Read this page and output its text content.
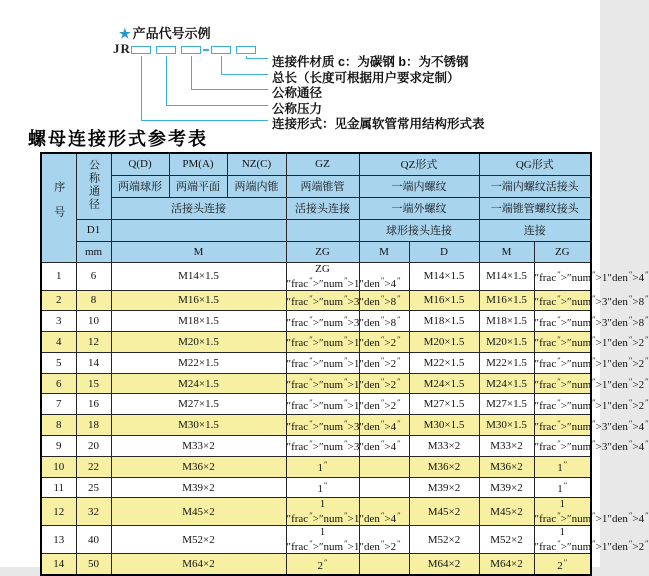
★ 产品代号示例
JR
连接件材质 c：为碳钢 b：为不锈钢
总长（长度可根据用户要求定制）
公称通径
公称压力
连接形式：见金属软管常用结构形式表
螺母连接形式参考表
序号	公称通径	Q(D)	PM(A)	NZ(C)	GZ	QZ形式		QG形式	
		两端球形	两端平面	两端内锥	两端锥管	一端内螺纹		一端内螺纹活接头	
		活接头连接			活接头连接	一端外螺纹		一端锥管螺纹接头	
	D1					球形接头连接		连接	
	mm	M			ZG	M	D	M	ZG
1	6	M14×1.5			ZG ″frac″>″num″>1″ ″ ″		M14×1.5	M14×1.5	″frac″>″num″>1″den″>4″
2	8	M16×1.5			″frac″>″num″>3″ ″ ″		M16×1.5	M16×1.5	″frac″>″num″>3″den″>8″
3	10	M18×1.5			″frac″>″num″>3″ ″ ″		M18×1.5	M18×1.5	″frac″>″num″>3″den″>8″
4	12	M20×1.5			″frac″>″num″>1″ ″ ″		M20×1.5	M20×1.5	″frac″>″num″>1″den″>2″
5	14	M22×1.5			″frac″>″num″>1″ ″ ″		M22×1.5	M22×1.5	″frac″>″num″>1″den″>2″
6	15	M24×1.5			″frac″>″num″>1″ ″ ″		M24×1.5	M24×1.5	″frac″>″num″>1″den″>2″
7	16	M27×1.5			″frac″>″num″>1″ ″ ″		M27×1.5	M27×1.5	″frac″>″num″>1″den″>2″
8	18	M30×1.5			″frac″>″num″>3″ ″ ″		M30×1.5	M30×1.5	″frac″>″num″>3″den″>4″
9	20	M33×2			″frac″>″num″>3″ ″ ″		M33×2	M33×2	″frac″>″num″>3″den″>4″
10	22	M36×2			1″		M36×2	M36×2	1″
11	25	M39×2			1″		M39×2	M39×2	1″
12	32	M45×2			1 ″frac″>″num″>1″ ″ ″		M45×2	M45×2	1 ″frac″>″num″>1″den″>4″
13	40	M52×2			1 ″frac″>″num″>1″ ″ ″		M52×2	M52×2	1 ″frac″>″num″>1″den″>2″
14	50	M64×2			2″		M64×2	M64×2	2″
